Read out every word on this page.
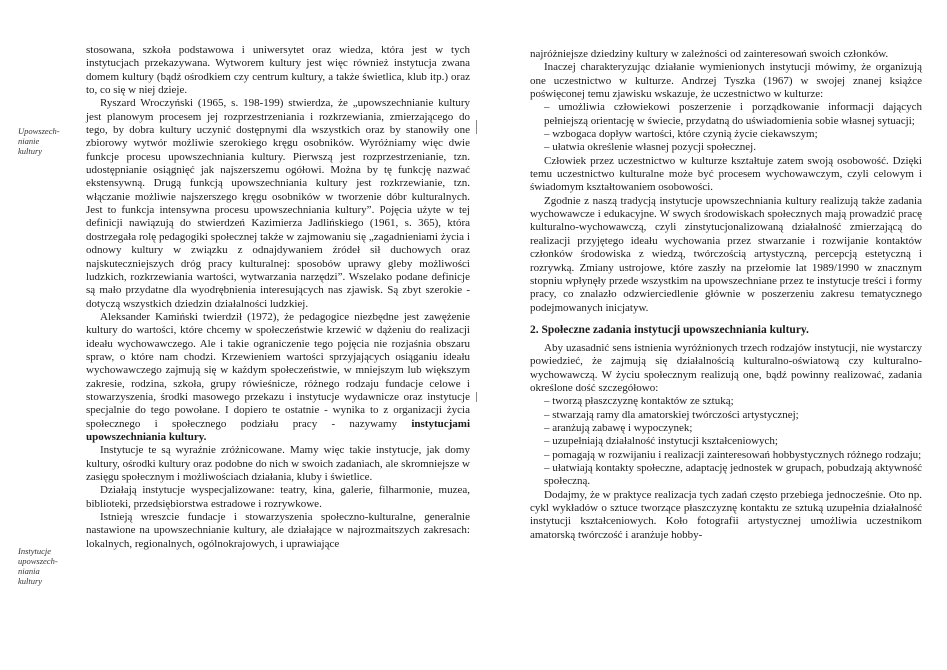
Upowszech-
nianie
kultury
Instytucje
upowszech-
niania
kultury

stosowana, szkoła podstawowa i uniwersytet oraz wiedza, która jest w tych instytucjach przekazywana. Wytworem kultury jest więc również instytucja zwana domem kultury (bądź ośrodkiem czy centrum kultury, a także świetlica, klub itp.) oraz to, co się w niej dzieje.

Ryszard Wroczyński (1965, s. 198-199) stwierdza, że „upowszechnianie kultury jest planowym procesem jej rozprzestrzeniania i rozkrzewiania, zmierzającego do tego, by dobra kultury uczynić dostępnymi dla wszystkich oraz by stanowiły one zbiorowy wytwór możliwie szerokiego kręgu osobników. Wyróżniamy więc dwie funkcje procesu upowszechniania kultury. Pierwszą jest rozprzestrzenianie, tzn. udostępnianie osiągnięć jak najszerszemu ogółowi. Można by tę funkcję nazwać ekstensywną. Drugą funkcją upowszechniania kultury jest rozkrzewianie, tzn. włączanie możliwie najszerszego kręgu osobników w tworzenie dóbr kulturalnych. Jest to funkcja intensywna procesu upowszechniania kultury”. Pojęcia użyte w tej definicji nawiązują do stwierdzeń Kazimierza Jadlińskiego (1961, s. 365), która dostrzegała rolę pedagogiki społecznej także w zajmowaniu się „zagadnieniami życia i odnowy kultury w związku z odnajdywaniem źródeł sił duchowych oraz najskuteczniejszych dróg pracy kulturalnej: sposobów uprawy gleby możliwości ludzkich, rozkrzewiania wartości, wytwarzania narzędzi”. Wszelako podane definicje są mało przydatne dla wyodrębnienia interesujących nas zjawisk. Są zbyt szerokie - dotyczą wszystkich dziedzin działalności ludzkiej.

Aleksander Kamiński twierdził (1972), że pedagogice niezbędne jest zawężenie kultury do wartości, które chcemy w społeczeństwie krzewić w dążeniu do realizacji ideału wychowawczego. Ale i takie ograniczenie tego pojęcia nie rozjaśnia obszaru spraw, o które nam chodzi. Krzewieniem wartości sprzyjających osiąganiu ideału wychowawczego zajmują się w każdym społeczeństwie, w mniejszym lub większym zakresie, rodzina, szkoła, grupy rówieśnicze, różnego rodzaju fundacje celowe i stowarzyszenia, środki masowego przekazu i instytucje wydawnicze oraz instytucje specjalnie do tego powołane. I dopiero te ostatnie - wynika to z organizacji życia społecznego i społecznego podziału pracy - nazywamy instytucjami upowszechniania kultury.

Instytucje te są wyraźnie zróżnicowane. Mamy więc takie instytucje, jak domy kultury, ośrodki kultury oraz podobne do nich w swoich zadaniach, ale skromniejsze w zasięgu społecznym i możliwościach działania, kluby i świetlice.

Działają instytucje wyspecjalizowane: teatry, kina, galerie, filharmonie, muzea, biblioteki, przedsiębiorstwa estradowe i rozrywkowe.

Istnieją wreszcie fundacje i stowarzyszenia społeczno-kulturalne, generalnie nastawione na upowszechnianie kultury, ale działające w najrozmaitszych zakresach: lokalnych, regionalnych, ogólnokrajowych, i uprawiające

najróżniejsze dziedziny kultury w zależności od zainteresowań swoich członków.

Inaczej charakteryzując działanie wymienionych instytucji mówimy, że organizują one uczestnictwo w kulturze. Andrzej Tyszka (1967) w swojej znanej książce poświęconej temu zjawisku wskazuje, że uczestnictwo w kulturze:

– umożliwia człowiekowi poszerzenie i porządkowanie informacji dających pełniejszą orientację w świecie, przydatną do uświadomienia sobie własnej sytuacji;
– wzbogaca dopływ wartości, które czynią życie ciekawszym;
– ułatwia określenie własnej pozycji społecznej.

Człowiek przez uczestnictwo w kulturze kształtuje zatem swoją osobowość. Dzięki temu uczestnictwo kulturalne może być procesem wychowawczym, czyli celowym i świadomym kształtowaniem osobowości.

Zgodnie z naszą tradycją instytucje upowszechniania kultury realizują także zadania wychowawcze i edukacyjne. W swych środowiskach społecznych mają prowadzić pracę kulturalno-wychowawczą, czyli zinstytucjonalizowaną działalność zmierzającą do realizacji przyjętego ideału wychowania przez stwarzanie i rozwijanie kontaktów członków środowiska z wiedzą, twórczością artystyczną, percepcją estetyczną i rozrywką. Zmiany ustrojowe, które zaszły na przełomie lat 1989/1990 w znacznym stopniu wpłynęły przede wszystkim na upowszechniane przez te instytucje treści i formy pracy, co znalazło odzwierciedlenie głównie w poszerzeniu zakresu tematycznego podejmowanych inicjatyw.

2. Społeczne zadania instytucji upowszechniania kultury.

Aby uzasadnić sens istnienia wyróżnionych trzech rodzajów instytucji, nie wystarczy powiedzieć, że zajmują się działalnością kulturalno-oświatową czy kulturalno-wychowawczą. W życiu społecznym realizują one, bądź powinny realizować, zadania określone dość szczegółowo:

– tworzą płaszczyznę kontaktów ze sztuką;
– stwarzają ramy dla amatorskiej twórczości artystycznej;
– aranżują zabawę i wypoczynek;
– uzupełniają działalność instytucji kształceniowych;
– pomagają w rozwijaniu i realizacji zainteresowań hobbystycznych różnego rodzaju;
– ułatwiają kontakty społeczne, adaptację jednostek w grupach, pobudzają aktywność społeczną.

Dodajmy, że w praktyce realizacja tych zadań często przebiega jednocześnie. Oto np. cykl wykładów o sztuce tworzące płaszczyznę kontaktu ze sztuką uzupełnia działalność instytucji kształceniowych. Koło fotografii artystycznej umożliwia uczestnikom amatorską twórczość i aranżuje hobby-
